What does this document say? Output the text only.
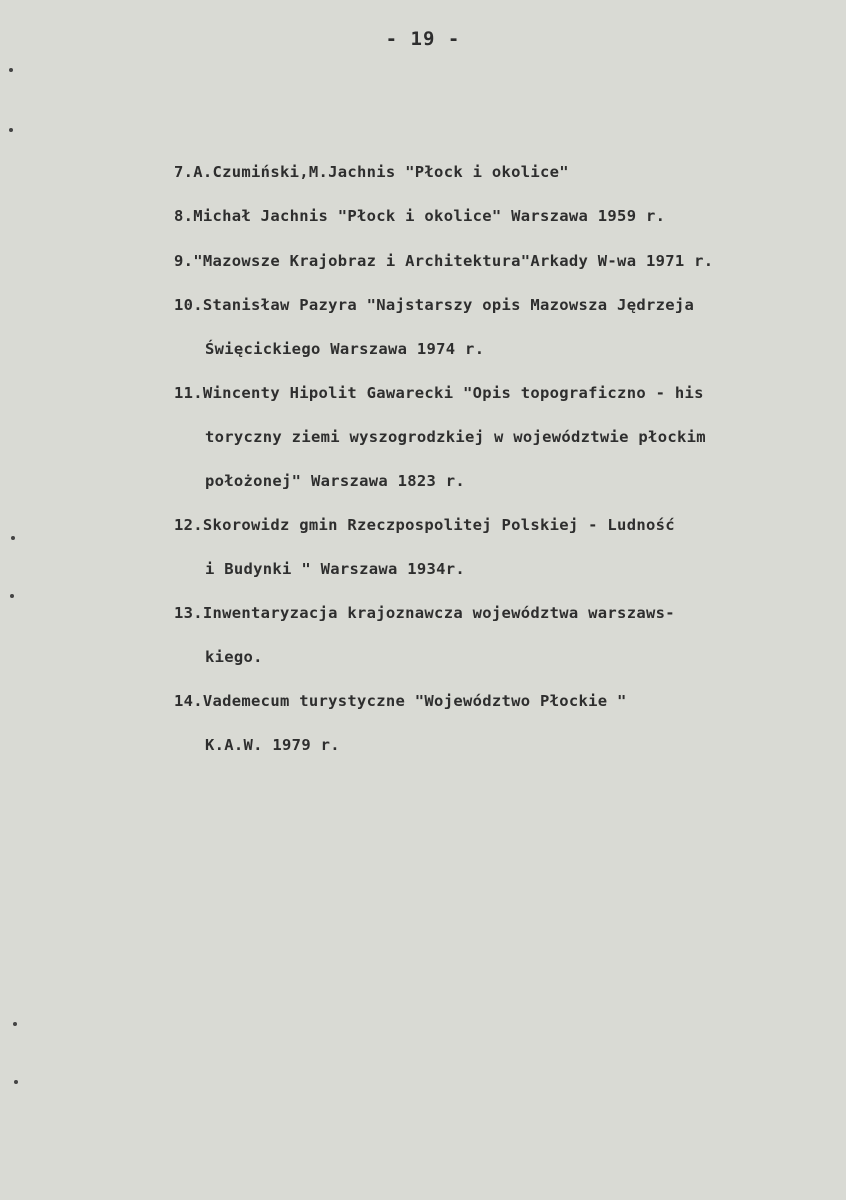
- 19 -
7.A.Czumiński,M.Jachnis "Płock i okolice"
8.Michał Jachnis "Płock i okolice" Warszawa 1959 r.
9."Mazowsze Krajobraz i Architektura"Arkady W-wa 1971 r.
10.Stanisław Pazyra "Najstarszy opis Mazowsza Jędrzeja
Święcickiego Warszawa 1974 r.
11.Wincenty Hipolit Gawarecki "Opis topograficzno - his
toryczny ziemi wyszogrodzkiej w województwie płockim
położonej" Warszawa 1823 r.
12.Skorowidz gmin Rzeczpospolitej Polskiej - Ludność
i Budynki " Warszawa 1934r.
13.Inwentaryzacja krajoznawcza województwa warszaws-
kiego.
14.Vademecum turystyczne "Województwo Płockie "
K.A.W. 1979 r.
